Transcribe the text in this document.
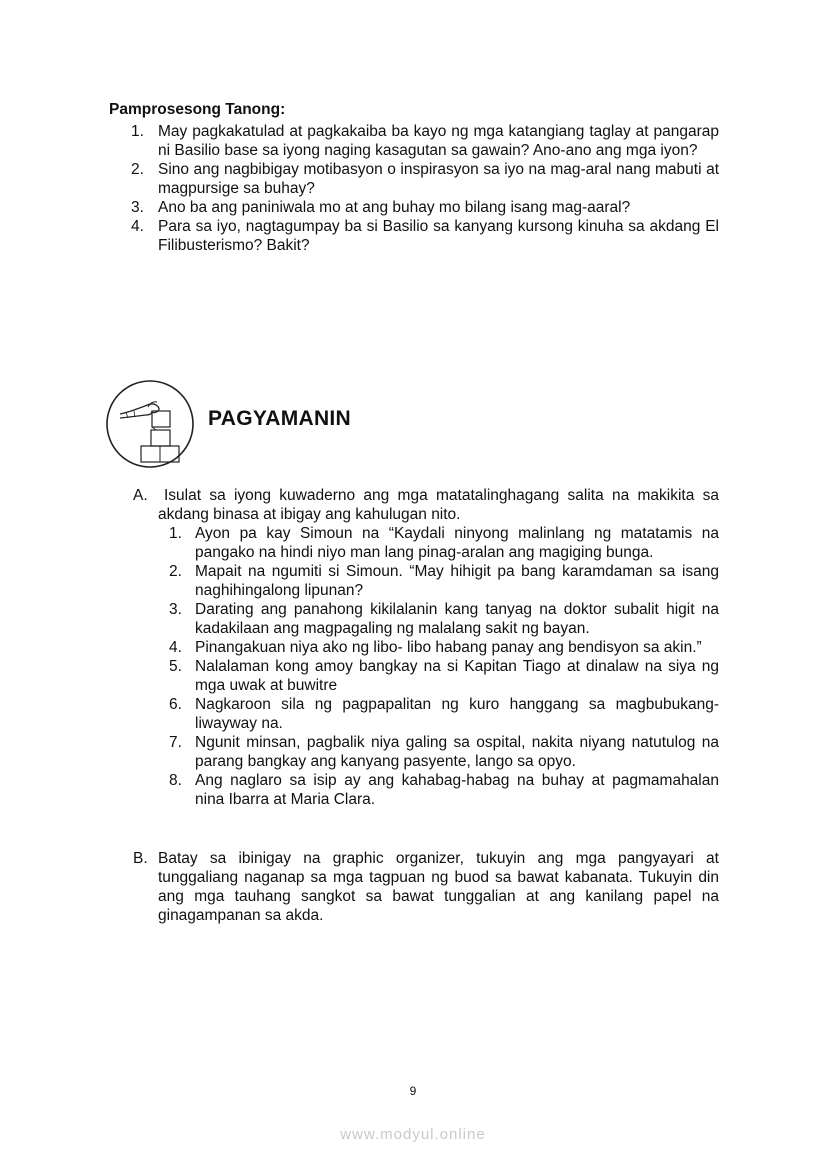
Pamprosesong Tanong:
1. May pagkakatulad at pagkakaiba ba kayo ng mga katangiang taglay at pangarap ni Basilio base sa iyong naging kasagutan sa gawain? Ano-ano ang mga iyon?
2. Sino ang nagbibigay motibasyon o inspirasyon sa iyo na mag-aral nang mabuti at magpursige sa buhay?
3. Ano ba ang paniniwala mo at ang buhay mo bilang isang mag-aaral?
4. Para sa iyo, nagtagumpay ba si Basilio sa kanyang kursong kinuha sa akdang El Filibusterismo? Bakit?
PAGYAMANIN
A.	Isulat sa iyong kuwaderno ang mga matatalinghagang salita na makikita sa akdang binasa at ibigay ang kahulugan nito.
1. Ayon pa kay Simoun na “Kaydali ninyong malinlang ng matatamis na pangako na hindi niyo man lang pinag-aralan ang magiging bunga.
2. Mapait na ngumiti si Simoun. “May hihigit pa bang karamdaman sa isang naghihingalong lipunan?
3. Darating ang panahong kikilalanin kang tanyag na doktor subalit higit na kadakilaan ang magpagaling ng malalang sakit ng bayan.
4. Pinangakuan niya ako ng libo- libo habang panay ang bendisyon sa akin.”
5. Nalalaman kong amoy bangkay na si Kapitan Tiago at dinalaw na siya ng mga uwak at buwitre
6. Nagkaroon sila ng pagpapalitan ng kuro hanggang sa magbubukang-liwayway na.
7. Ngunit minsan, pagbalik niya galing sa ospital, nakita niyang natutulog na parang bangkay ang kanyang pasyente, lango sa opyo.
8. Ang naglaro sa isip ay ang kahabag-habag na buhay at pagmamahalan nina Ibarra at Maria Clara.
B. Batay sa ibinigay na graphic organizer, tukuyin ang mga pangyayari at tunggaliang naganap sa mga tagpuan ng buod sa bawat kabanata. Tukuyin din ang mga tauhang sangkot sa bawat tunggalian at ang kanilang papel na ginagampanan sa akda.
9
www.modyul.online
